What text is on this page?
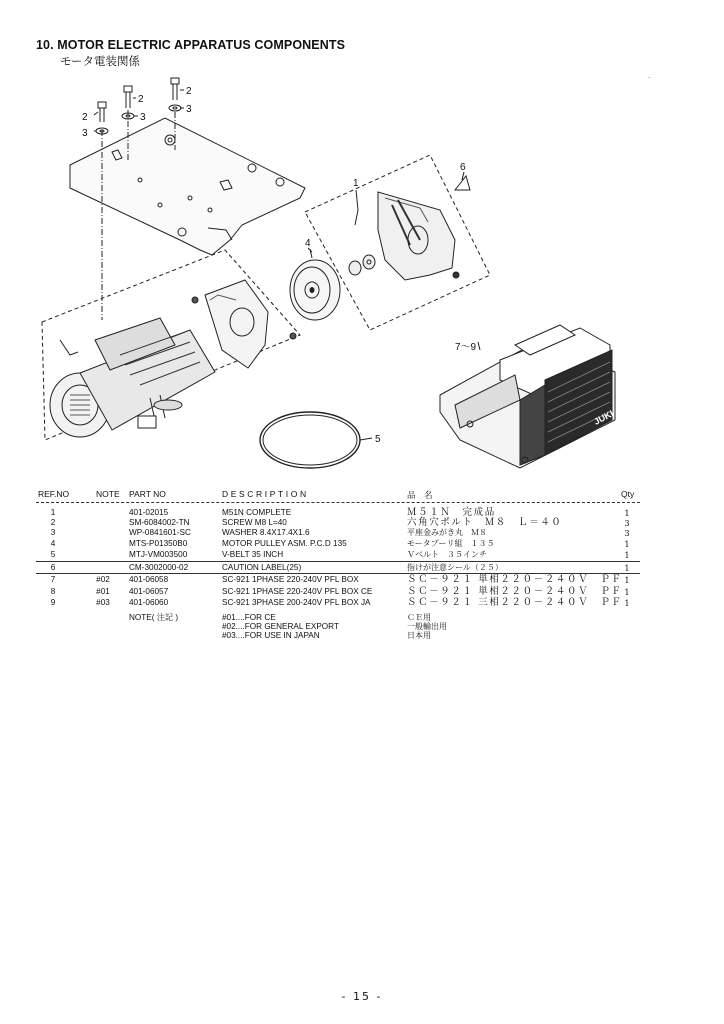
10. MOTOR ELECTRIC APPARATUS COMPONENTS
モータ電装関係
.
2
3
2
3
2
3
1
4
6
5
7～9
JUKI
REF.NO	NOTE PART NO	DESCRIPTION	品　名	Qty
1	401-02015	M51N COMPLETE	Ｍ５１Ｎ　完成品	1
2	SM-6084002-TN	SCREW M8 L=40	六角穴ボルト　Ｍ８　Ｌ＝４０	3
3	WP-0841601-SC	WASHER 8.4X17.4X1.6	平座金みがき丸　Ｍ８	3
4	MTS-P01350B0	MOTOR PULLEY ASM. P.C.D 135	モータプーリ組　１３５	1
5	MTJ-VM003500	V-BELT 35 INCH	Ｖベルト　３５インチ	1
6	CM-3002000-02	CAUTION LABEL(25)	指けが注意シール（２５）	1
7	#02	401-06058	SC-921 1PHASE 220-240V PFL BOX	ＳＣ－９２１ 単相２２０－２４０Ｖ　ＰＦ 1
8	#01	401-06057	SC-921 1PHASE 220-240V PFL BOX CE	ＳＣ－９２１ 単相２２０－２４０Ｖ　ＰＦ 1
9	#03	401-06060	SC-921 3PHASE 200-240V PFL BOX JA	ＳＣ－９２１ 三相２２０－２４０Ｖ　ＰＦ 1
NOTE( 注記 )	#01....FOR CE
#02....FOR GENERAL EXPORT
#03....FOR USE IN JAPAN
ＣＥ用
一般輸出用
日本用
- 15 -
